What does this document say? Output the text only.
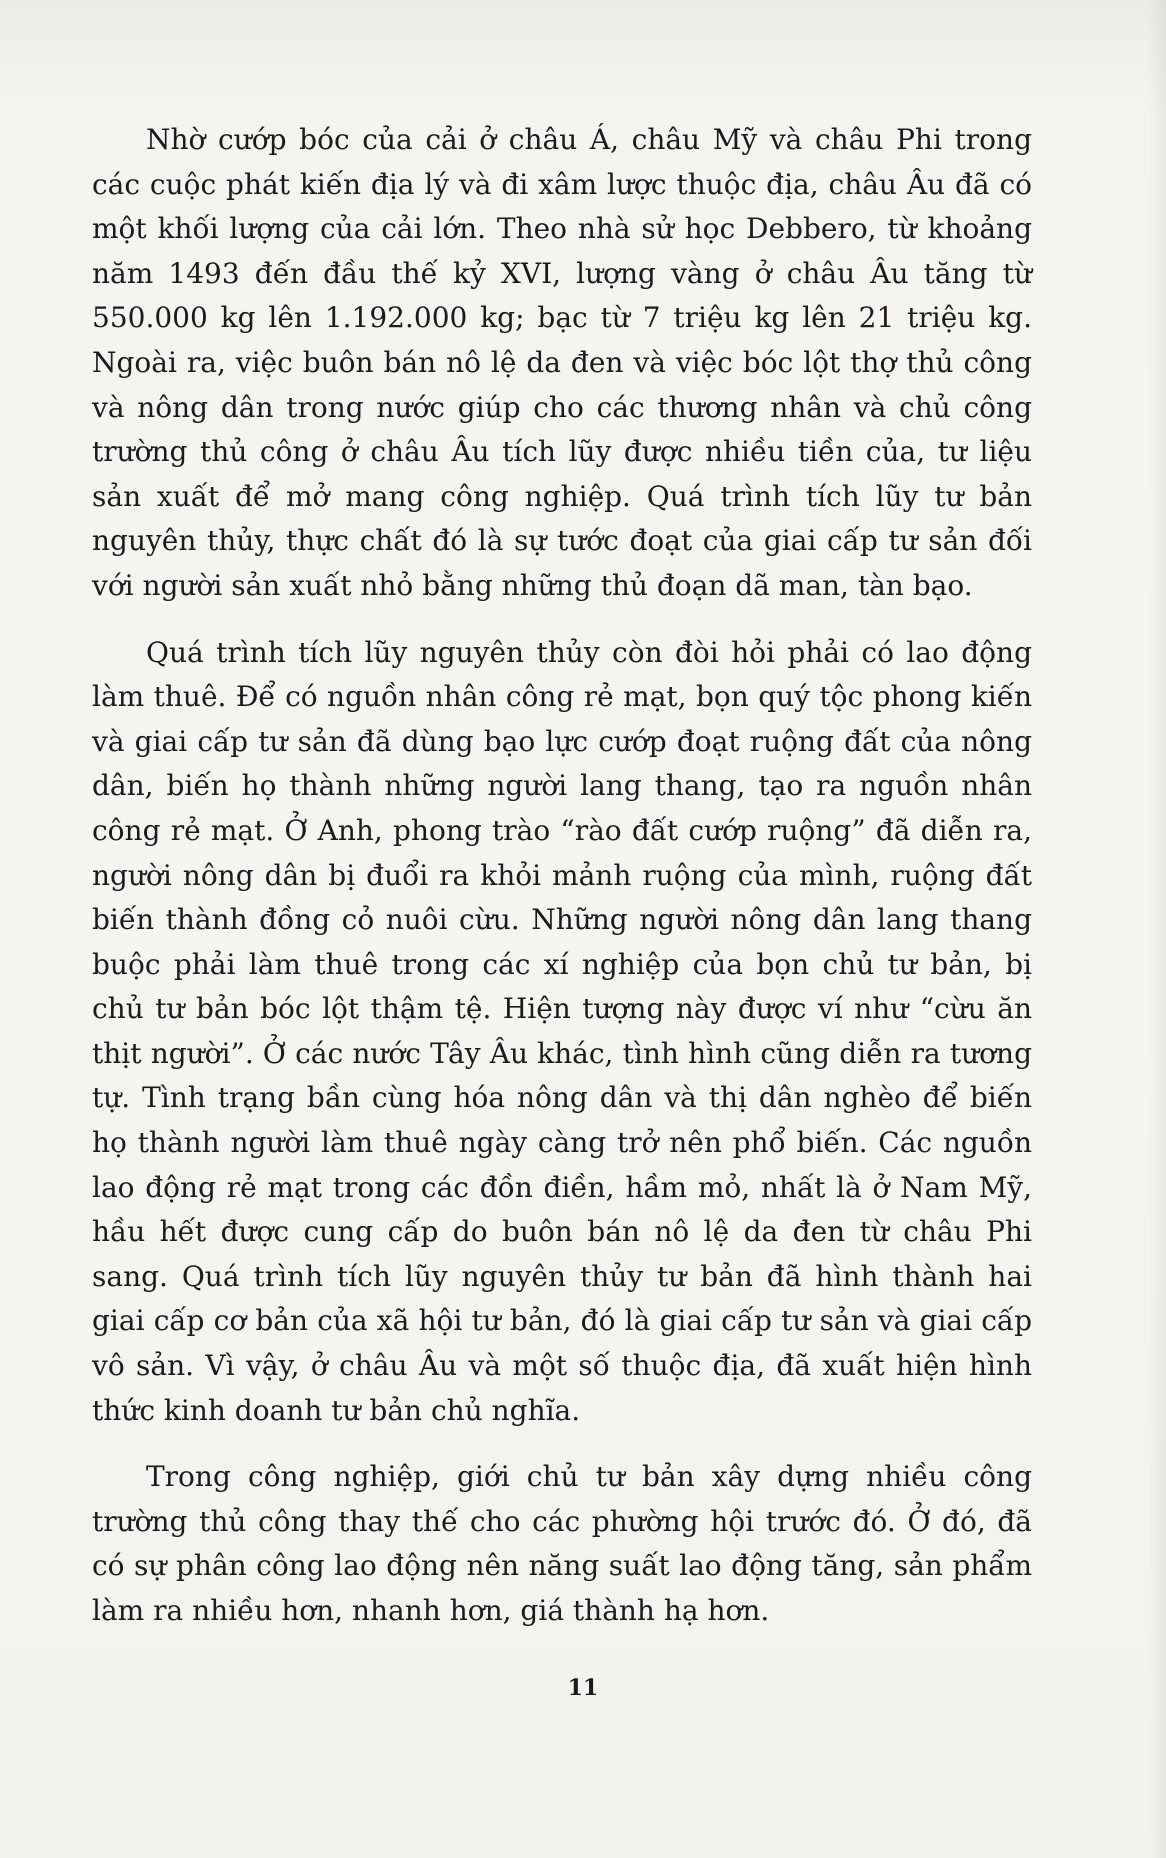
Nhờ cướp bóc của cải ở châu Á, châu Mỹ và châu Phi trong các cuộc phát kiến địa lý và đi xâm lược thuộc địa, châu Âu đã có một khối lượng của cải lớn. Theo nhà sử học Debbero, từ khoảng năm 1493 đến đầu thế kỷ XVI, lượng vàng ở châu Âu tăng từ 550.000 kg lên 1.192.000 kg; bạc từ 7 triệu kg lên 21 triệu kg. Ngoài ra, việc buôn bán nô lệ da đen và việc bóc lột thợ thủ công và nông dân trong nước giúp cho các thương nhân và chủ công trường thủ công ở châu Âu tích lũy được nhiều tiền của, tư liệu sản xuất để mở mang công nghiệp. Quá trình tích lũy tư bản nguyên thủy, thực chất đó là sự tước đoạt của giai cấp tư sản đối với người sản xuất nhỏ bằng những thủ đoạn dã man, tàn bạo.

Quá trình tích lũy nguyên thủy còn đòi hỏi phải có lao động làm thuê. Để có nguồn nhân công rẻ mạt, bọn quý tộc phong kiến và giai cấp tư sản đã dùng bạo lực cướp đoạt ruộng đất của nông dân, biến họ thành những người lang thang, tạo ra nguồn nhân công rẻ mạt. Ở Anh, phong trào “rào đất cướp ruộng” đã diễn ra, người nông dân bị đuổi ra khỏi mảnh ruộng của mình, ruộng đất biến thành đồng cỏ nuôi cừu. Những người nông dân lang thang buộc phải làm thuê trong các xí nghiệp của bọn chủ tư bản, bị chủ tư bản bóc lột thậm tệ. Hiện tượng này được ví như “cừu ăn thịt người”. Ở các nước Tây Âu khác, tình hình cũng diễn ra tương tự. Tình trạng bần cùng hóa nông dân và thị dân nghèo để biến họ thành người làm thuê ngày càng trở nên phổ biến. Các nguồn lao động rẻ mạt trong các đồn điền, hầm mỏ, nhất là ở Nam Mỹ, hầu hết được cung cấp do buôn bán nô lệ da đen từ châu Phi sang. Quá trình tích lũy nguyên thủy tư bản đã hình thành hai giai cấp cơ bản của xã hội tư bản, đó là giai cấp tư sản và giai cấp vô sản. Vì vậy, ở châu Âu và một số thuộc địa, đã xuất hiện hình thức kinh doanh tư bản chủ nghĩa.

Trong công nghiệp, giới chủ tư bản xây dựng nhiều công trường thủ công thay thế cho các phường hội trước đó. Ở đó, đã có sự phân công lao động nên năng suất lao động tăng, sản phẩm làm ra nhiều hơn, nhanh hơn, giá thành hạ hơn.

11
